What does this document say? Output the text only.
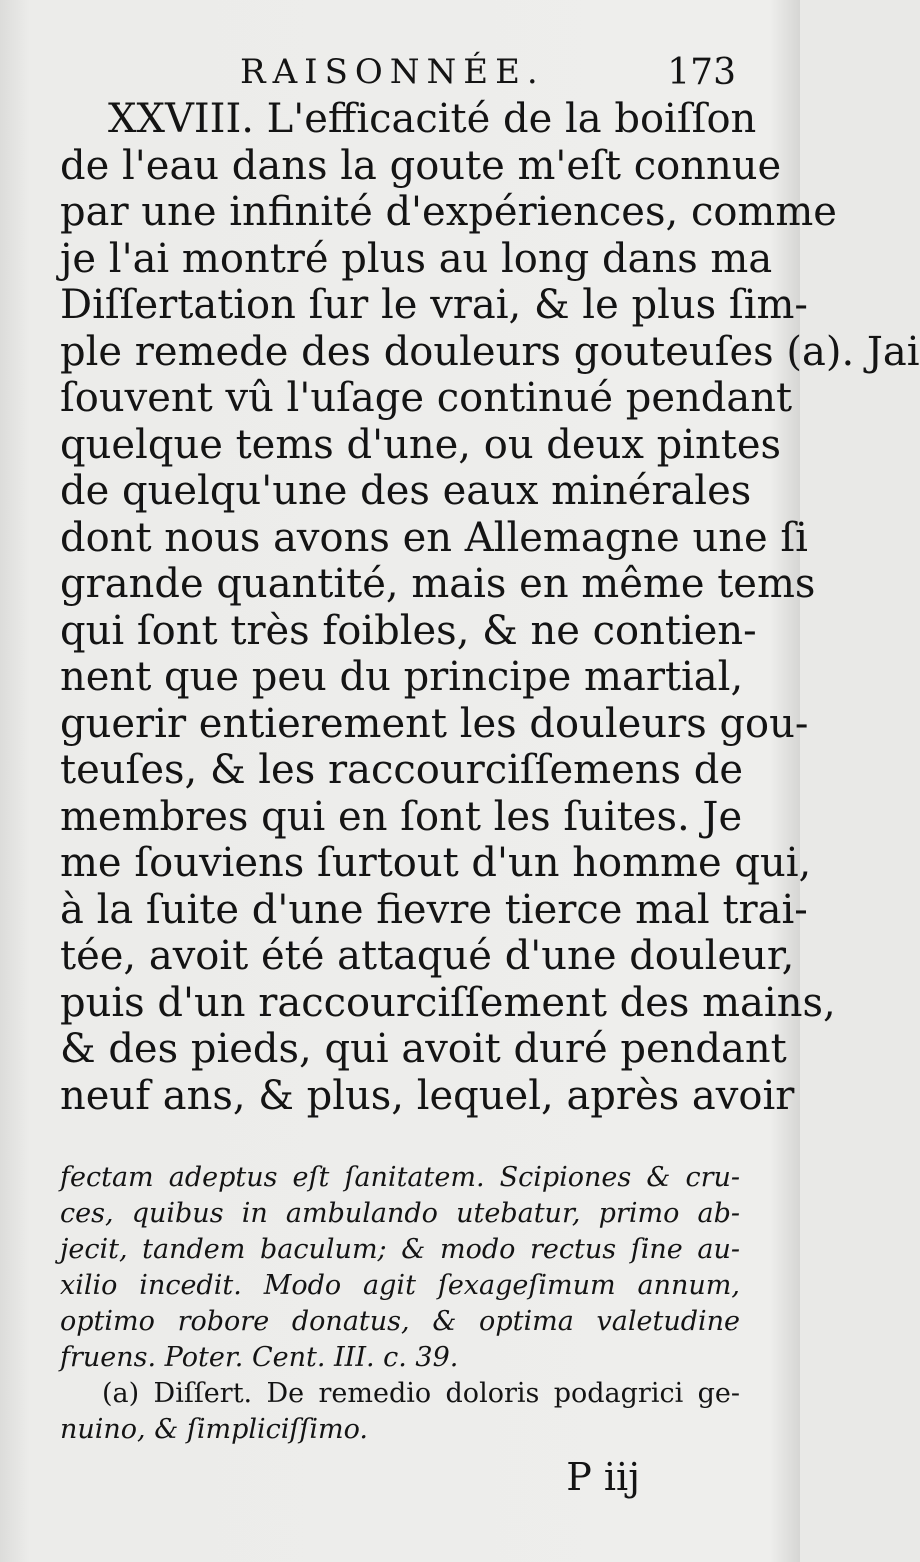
RAISONNÉE.	173
XXVIII. L'efficacité de la boiſſon
de l'eau dans la goute m'eſt connue
par une infinité d'expériences, comme
je l'ai montré plus au long dans ma
Diſſertation ſur le vrai, & le plus ſim-
ple remede des douleurs gouteuſes (a). Jai
ſouvent vû l'uſage continué pendant
quelque tems d'une, ou deux pintes
de quelqu'une des eaux minérales
dont nous avons en Allemagne une ſi
grande quantité, mais en même tems
qui ſont très foibles, & ne contien-
nent que peu du principe martial,
guerir entierement les douleurs gou-
teuſes, & les raccourciſſemens de
membres qui en ſont les ſuites. Je
me ſouviens ſurtout d'un homme qui,
à la ſuite d'une fievre tierce mal trai-
tée, avoit été attaqué d'une douleur,
puis d'un raccourciſſement des mains,
& des pieds, qui avoit duré pendant
neuf ans, & plus, lequel, après avoir
fectam adeptus eſt ſanitatem. Scipiones & cru-
ces, quibus in ambulando utebatur, primo ab-
jecit, tandem baculum; & modo rectus ſine au-
xilio incedit. Modo agit ſexageſimum annum,
optimo robore donatus, & optima valetudine
fruens. Poter. Cent. III. c. 39.
(a) Diſſert. De remedio doloris podagrici ge-
nuino, & ſimpliciſſimo.
P iij
